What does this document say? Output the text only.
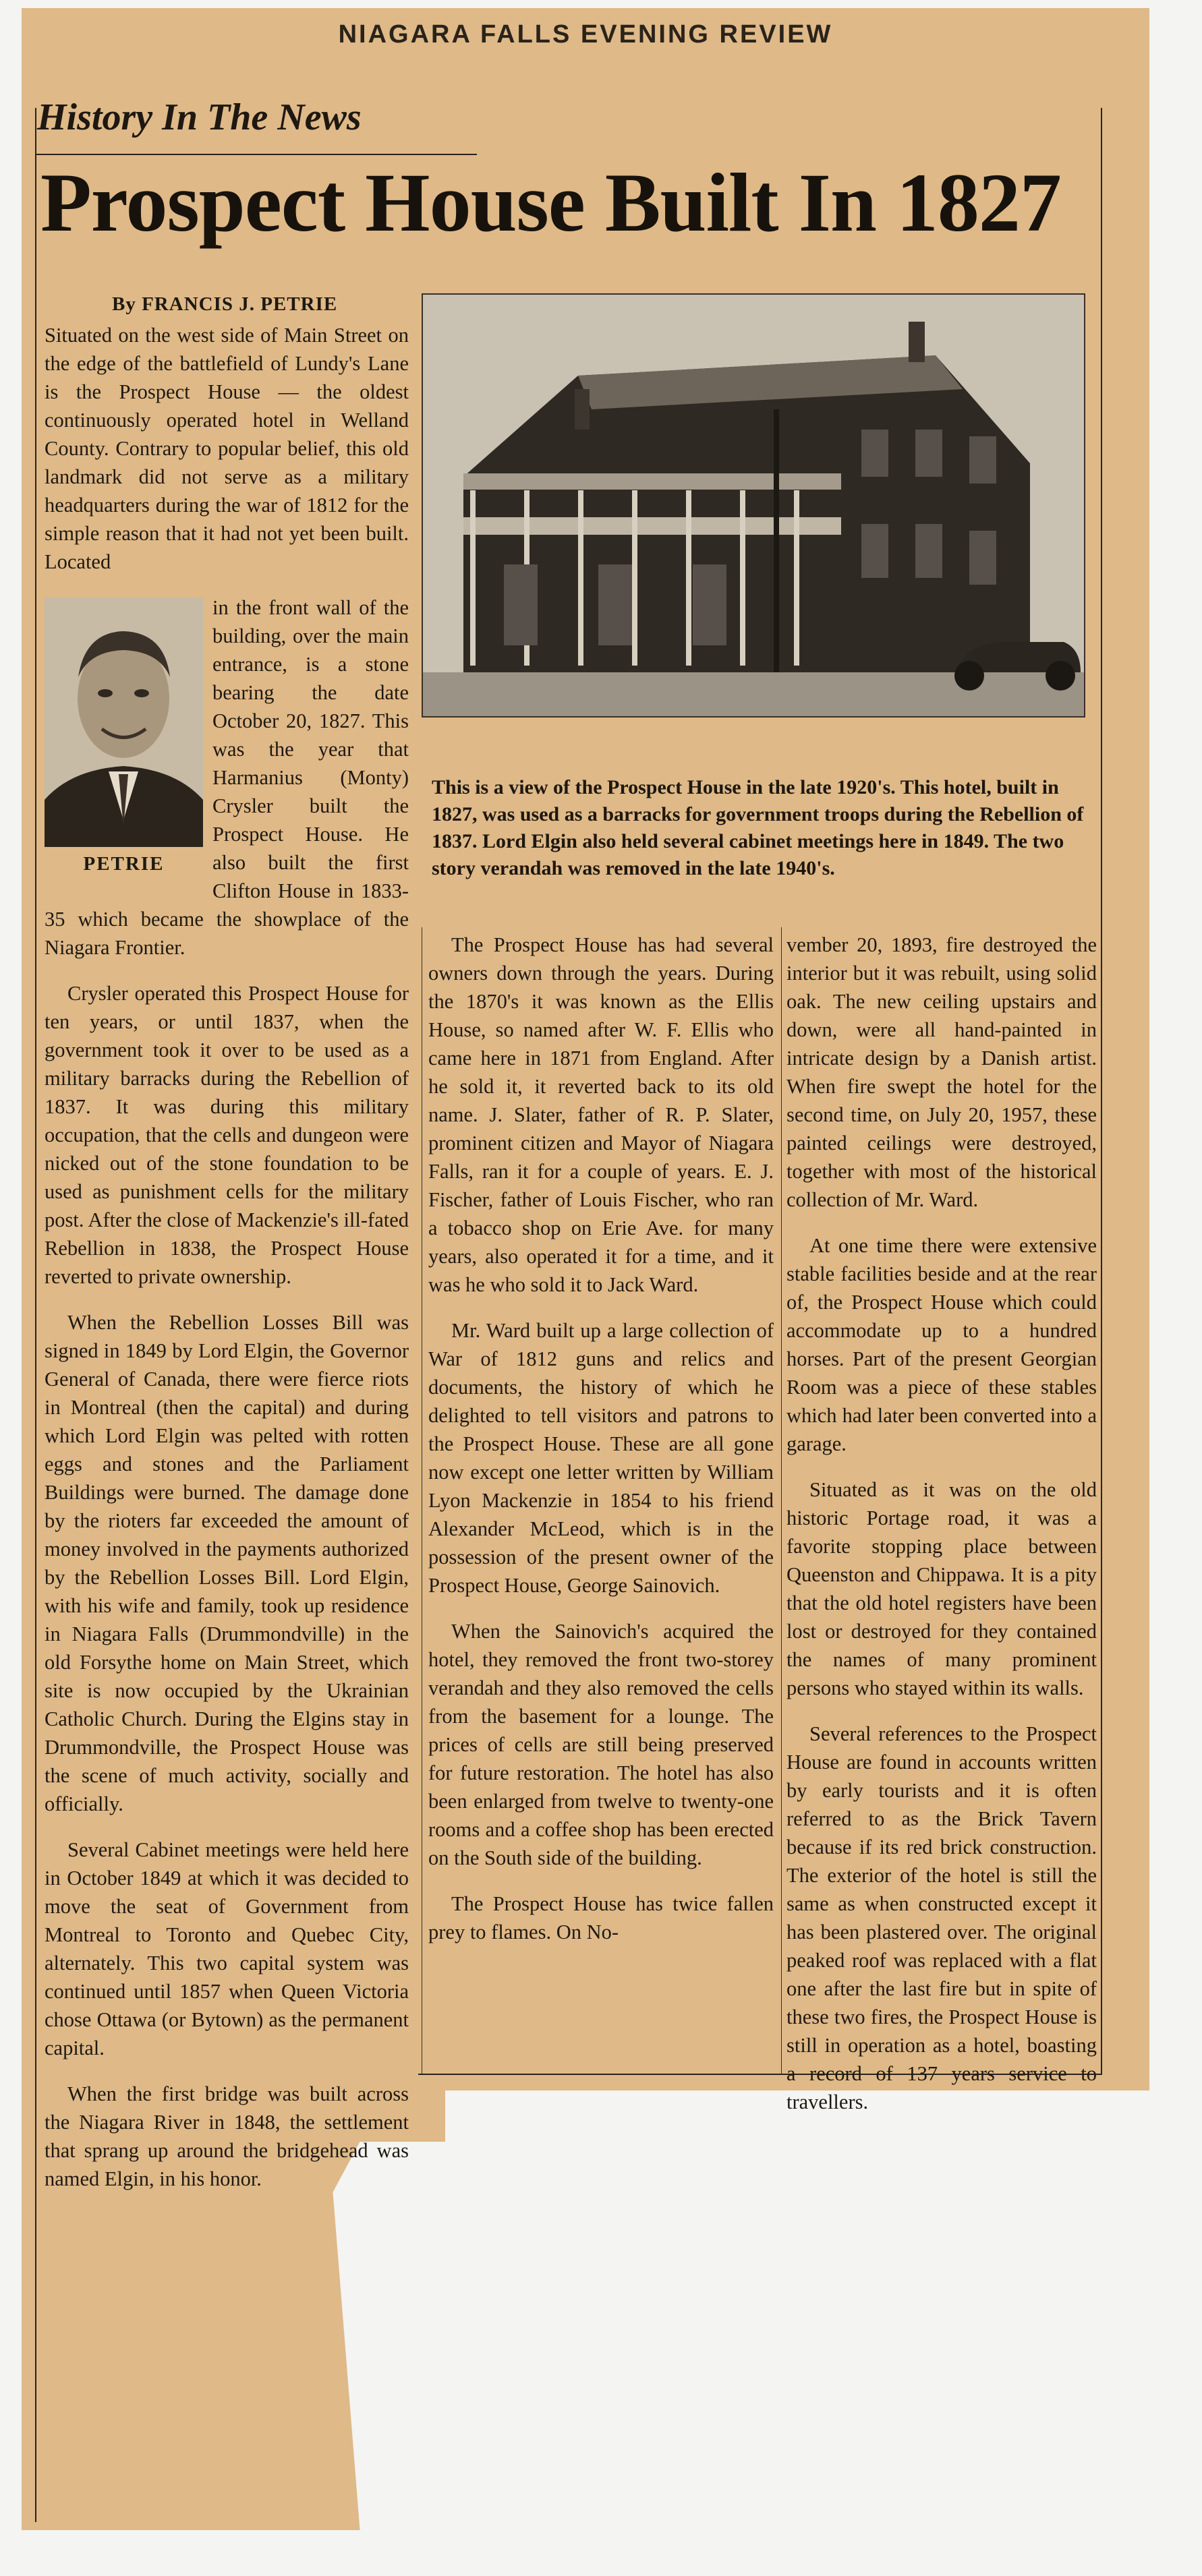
NIAGARA FALLS EVENING REVIEW
History In The News
Prospect House Built In 1827
By FRANCIS J. PETRIE

Situated on the west side of Main Street on the edge of the battlefield of Lundy's Lane is the Prospect House — the oldest continuously operated hotel in Welland County. Contrary to popular belief, this old landmark did not serve as a military headquarters during the war of 1812 for the simple reason that it had not yet been built. Located

PETRIE

in the front wall of the building, over the main entrance, is a stone bearing the date October 20, 1827. This was the year that Harmanius (Monty) Crysler built the Prospect House. He also built the first Clifton House in 1833-35 which became the showplace of the Niagara Frontier.

Crysler operated this Prospect House for ten years, or until 1837, when the government took it over to be used as a military barracks during the Rebellion of 1837. It was during this military occupation, that the cells and dungeon were nicked out of the stone foundation to be used as punishment cells for the military post. After the close of Mackenzie's ill-fated Rebellion in 1838, the Prospect House reverted to private ownership.

When the Rebellion Losses Bill was signed in 1849 by Lord Elgin, the Governor General of Canada, there were fierce riots in Montreal (then the capital) and during which Lord Elgin was pelted with rotten eggs and stones and the Parliament Buildings were burned. The damage done by the rioters far exceeded the amount of money involved in the payments authorized by the Rebellion Losses Bill. Lord Elgin, with his wife and family, took up residence in Niagara Falls (Drummondville) in the old Forsythe home on Main Street, which site is now occupied by the Ukrainian Catholic Church. During the Elgins stay in Drummondville, the Prospect House was the scene of much activity, socially and officially.

Several Cabinet meetings were held here in October 1849 at which it was decided to move the seat of Government from Montreal to Toronto and Quebec City, alternately. This two capital system was continued until 1857 when Queen Victoria chose Ottawa (or Bytown) as the permanent capital.

When the first bridge was built across the Niagara River in 1848, the settlement that sprang up around the bridgehead was named Elgin, in his honor.

This is a view of the Prospect House in the late 1920's. This hotel, built in 1827, was used as a barracks for government troops during the Rebellion of 1837. Lord Elgin also held several cabinet meetings here in 1849. The two story verandah was removed in the late 1940's.

The Prospect House has had several owners down through the years. During the 1870's it was known as the Ellis House, so named after W. F. Ellis who came here in 1871 from England. After he sold it, it reverted back to its old name. J. Slater, father of R. P. Slater, prominent citizen and Mayor of Niagara Falls, ran it for a couple of years. E. J. Fischer, father of Louis Fischer, who ran a tobacco shop on Erie Ave. for many years, also operated it for a time, and it was he who sold it to Jack Ward.

Mr. Ward built up a large collection of War of 1812 guns and relics and documents, the history of which he delighted to tell visitors and patrons to the Prospect House. These are all gone now except one letter written by William Lyon Mackenzie in 1854 to his friend Alexander McLeod, which is in the possession of the present owner of the Prospect House, George Sainovich.

When the Sainovich's acquired the hotel, they removed the front two-storey verandah and they also removed the cells from the basement for a lounge. The prices of cells are still being preserved for future restoration. The hotel has also been enlarged from twelve to twenty-one rooms and a coffee shop has been erected on the South side of the building.

The Prospect House has twice fallen prey to flames. On No-

vember 20, 1893, fire destroyed the interior but it was rebuilt, using solid oak. The new ceiling upstairs and down, were all hand-painted in intricate design by a Danish artist. When fire swept the hotel for the second time, on July 20, 1957, these painted ceilings were destroyed, together with most of the historical collection of Mr. Ward.

At one time there were extensive stable facilities beside and at the rear of, the Prospect House which could accommodate up to a hundred horses. Part of the present Georgian Room was a piece of these stables which had later been converted into a garage.

Situated as it was on the old historic Portage road, it was a favorite stopping place between Queenston and Chippawa. It is a pity that the old hotel registers have been lost or destroyed for they contained the names of many prominent persons who stayed within its walls.

Several references to the Prospect House are found in accounts written by early tourists and it is often referred to as the Brick Tavern because if its red brick construction. The exterior of the hotel is still the same as when constructed except it has been plastered over. The original peaked roof was replaced with a flat one after the last fire but in spite of these two fires, the Prospect House is still in operation as a hotel, boasting a record of 137 years service to travellers.
